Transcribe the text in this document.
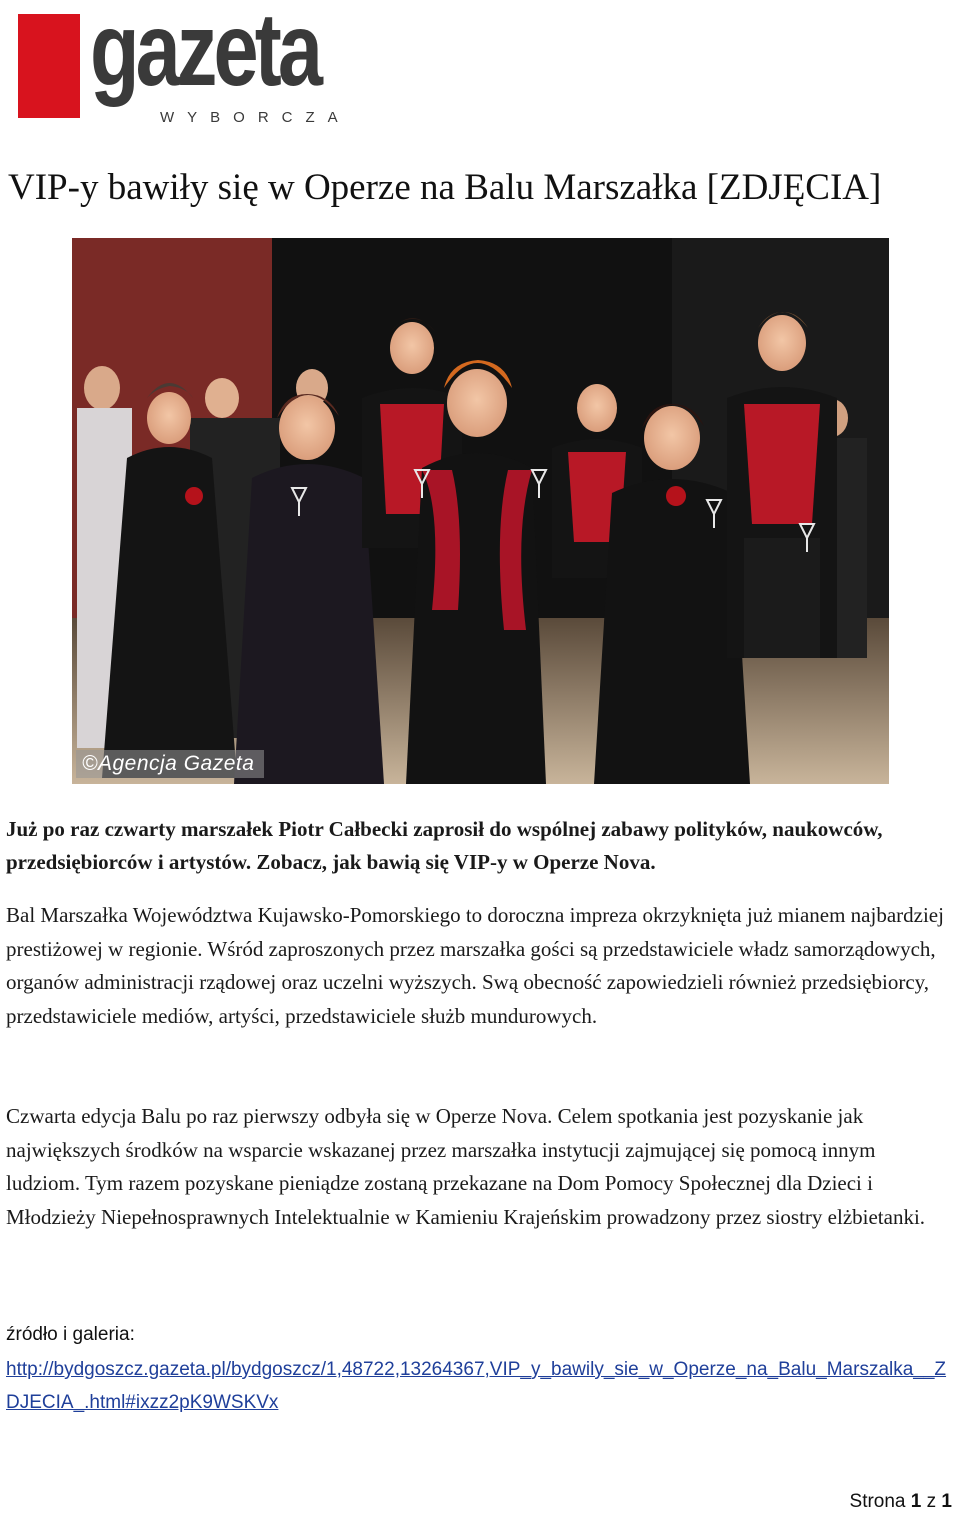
gazeta
WYBORCZA
VIP-y bawiły się w Operze na Balu Marszałka [ZDJĘCIA]
©Agencja Gazeta

Już po raz czwarty marszałek Piotr Całbecki zaprosił do wspólnej zabawy polityków, naukowców, przedsiębiorców i artystów. Zobacz, jak bawią się VIP-y w Operze Nova.

Bal Marszałka Województwa Kujawsko-Pomorskiego to doroczna impreza okrzyknięta już mianem najbardziej prestiżowej w regionie. Wśród zaproszonych przez marszałka gości są przedstawiciele władz samorządowych, organów administracji rządowej oraz uczelni wyższych. Swą obecność zapowiedzieli również przedsiębiorcy, przedstawiciele mediów, artyści, przedstawiciele służb mundurowych.

Czwarta edycja Balu po raz pierwszy odbyła się w Operze Nova. Celem spotkania jest pozyskanie jak największych środków na wsparcie wskazanej przez marszałka instytucji zajmującej się pomocą innym ludziom. Tym razem pozyskane pieniądze zostaną przekazane na Dom Pomocy Społecznej dla Dzieci i Młodzieży Niepełnosprawnych Intelektualnie w Kamieniu Krajeńskim prowadzony przez siostry elżbietanki.

źródło i galeria:
http://bydgoszcz.gazeta.pl/bydgoszcz/1,48722,13264367,VIP_y_bawily_sie_w_Operze_na_Balu_Marszalka__ZDJECIA_.html#ixzz2pK9WSKVx
Strona 1 z 1
